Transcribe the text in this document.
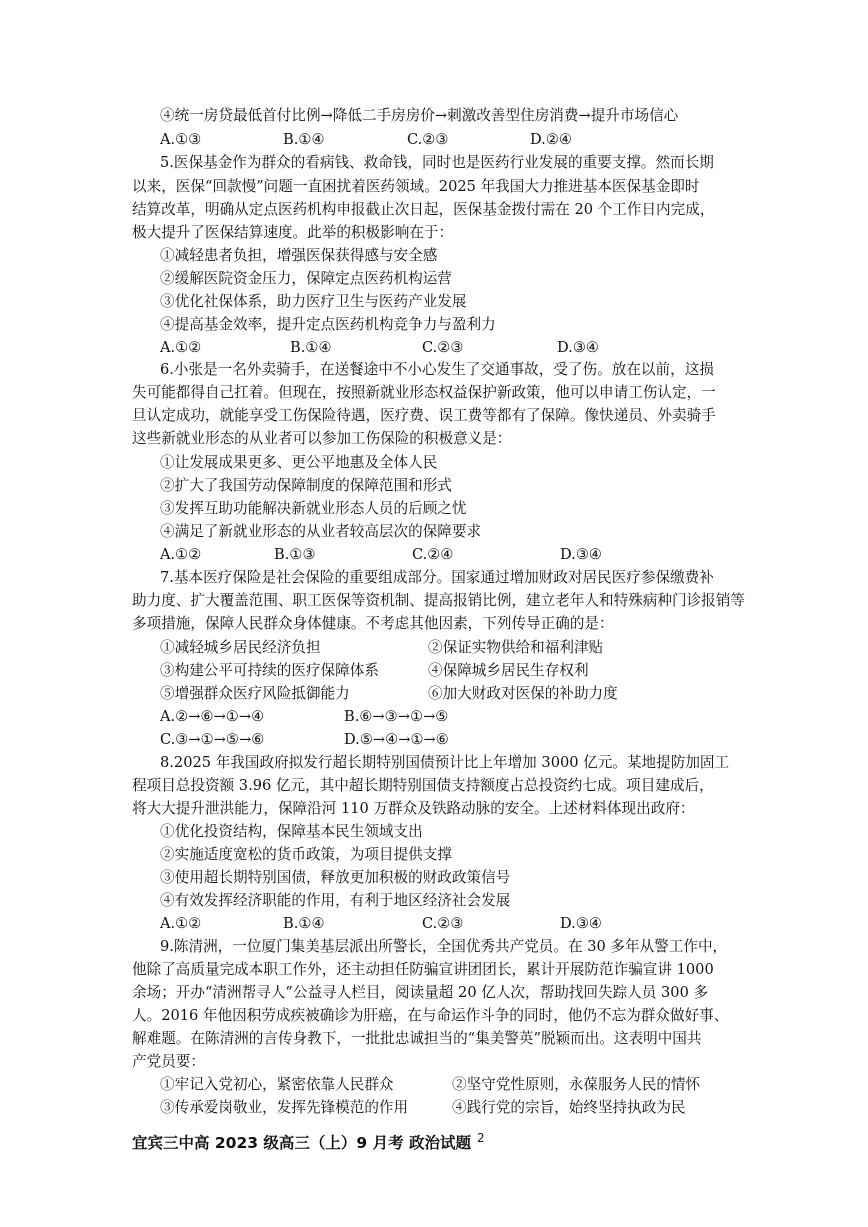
④统一房贷最低首付比例→降低二手房房价→刺激改善型住房消费→提升市场信心
A.①③	B.①④	C.②③	D.②④
5.医保基金作为群众的看病钱、救命钱，同时也是医药行业发展的重要支撑。然而长期
以来，医保“回款慢”问题一直困扰着医药领域。2025 年我国大力推进基本医保基金即时
结算改革，明确从定点医药机构申报截止次日起，医保基金拨付需在 20 个工作日内完成，
极大提升了医保结算速度。此举的积极影响在于：
①减轻患者负担，增强医保获得感与安全感
②缓解医院资金压力，保障定点医药机构运营
③优化社保体系，助力医疗卫生与医药产业发展
④提高基金效率，提升定点医药机构竞争力与盈利力
A.①②	B.①④	C.②③	D.③④
6.小张是一名外卖骑手，在送餐途中不小心发生了交通事故，受了伤。放在以前，这损
失可能都得自己扛着。但现在，按照新就业形态权益保护新政策，他可以申请工伤认定，一
旦认定成功，就能享受工伤保险待遇，医疗费、误工费等都有了保障。像快递员、外卖骑手
这些新就业形态的从业者可以参加工伤保险的积极意义是：
①让发展成果更多、更公平地惠及全体人民
②扩大了我国劳动保障制度的保障范围和形式
③发挥互助功能解决新就业形态人员的后顾之忧
④满足了新就业形态的从业者较高层次的保障要求
A.①②	B.①③	C.②④	D.③④
7.基本医疗保险是社会保险的重要组成部分。国家通过增加财政对居民医疗参保缴费补
助力度、扩大覆盖范围、职工医保等资机制、提高报销比例，建立老年人和特殊病种门诊报销等
多项措施，保障人民群众身体健康。不考虑其他因素，下列传导正确的是：
①减轻城乡居民经济负担	②保证实物供给和福利津贴
③构建公平可持续的医疗保障体系	④保障城乡居民生存权利
⑤增强群众医疗风险抵御能力	⑥加大财政对医保的补助力度
A.②→⑥→①→④	B.⑥→③→①→⑤
C.③→①→⑤→⑥	D.⑤→④→①→⑥
8.2025 年我国政府拟发行超长期特别国债预计比上年增加 3000 亿元。某地提防加固工
程项目总投资额 3.96 亿元，其中超长期特别国债支持额度占总投资约七成。项目建成后，
将大大提升泄洪能力，保障沿河 110 万群众及铁路动脉的安全。上述材料体现出政府：
①优化投资结构，保障基本民生领域支出
②实施适度宽松的货币政策，为项目提供支撑
③使用超长期特别国债，释放更加积极的财政政策信号
④有效发挥经济职能的作用，有利于地区经济社会发展
A.①②	B.①④	C.②③	D.③④
9.陈清洲，一位厦门集美基层派出所警长，全国优秀共产党员。在 30 多年从警工作中，
他除了高质量完成本职工作外，还主动担任防骗宣讲团团长，累计开展防范诈骗宣讲 1000
余场；开办“清洲帮寻人”公益寻人栏目，阅读量超 20 亿人次，帮助找回失踪人员 300 多
人。2016 年他因积劳成疾被确诊为肝癌，在与命运作斗争的同时，他仍不忘为群众做好事、
解难题。在陈清洲的言传身教下，一批批忠诚担当的“集美警英”脱颖而出。这表明中国共
产党员要：
①牢记入党初心，紧密依靠人民群众	②坚守党性原则，永葆服务人民的情怀
③传承爱岗敬业，发挥先锋模范的作用	④践行党的宗旨，始终坚持执政为民
宜宾三中高 2023 级高三（上）9 月考 政治试题 $^2$
